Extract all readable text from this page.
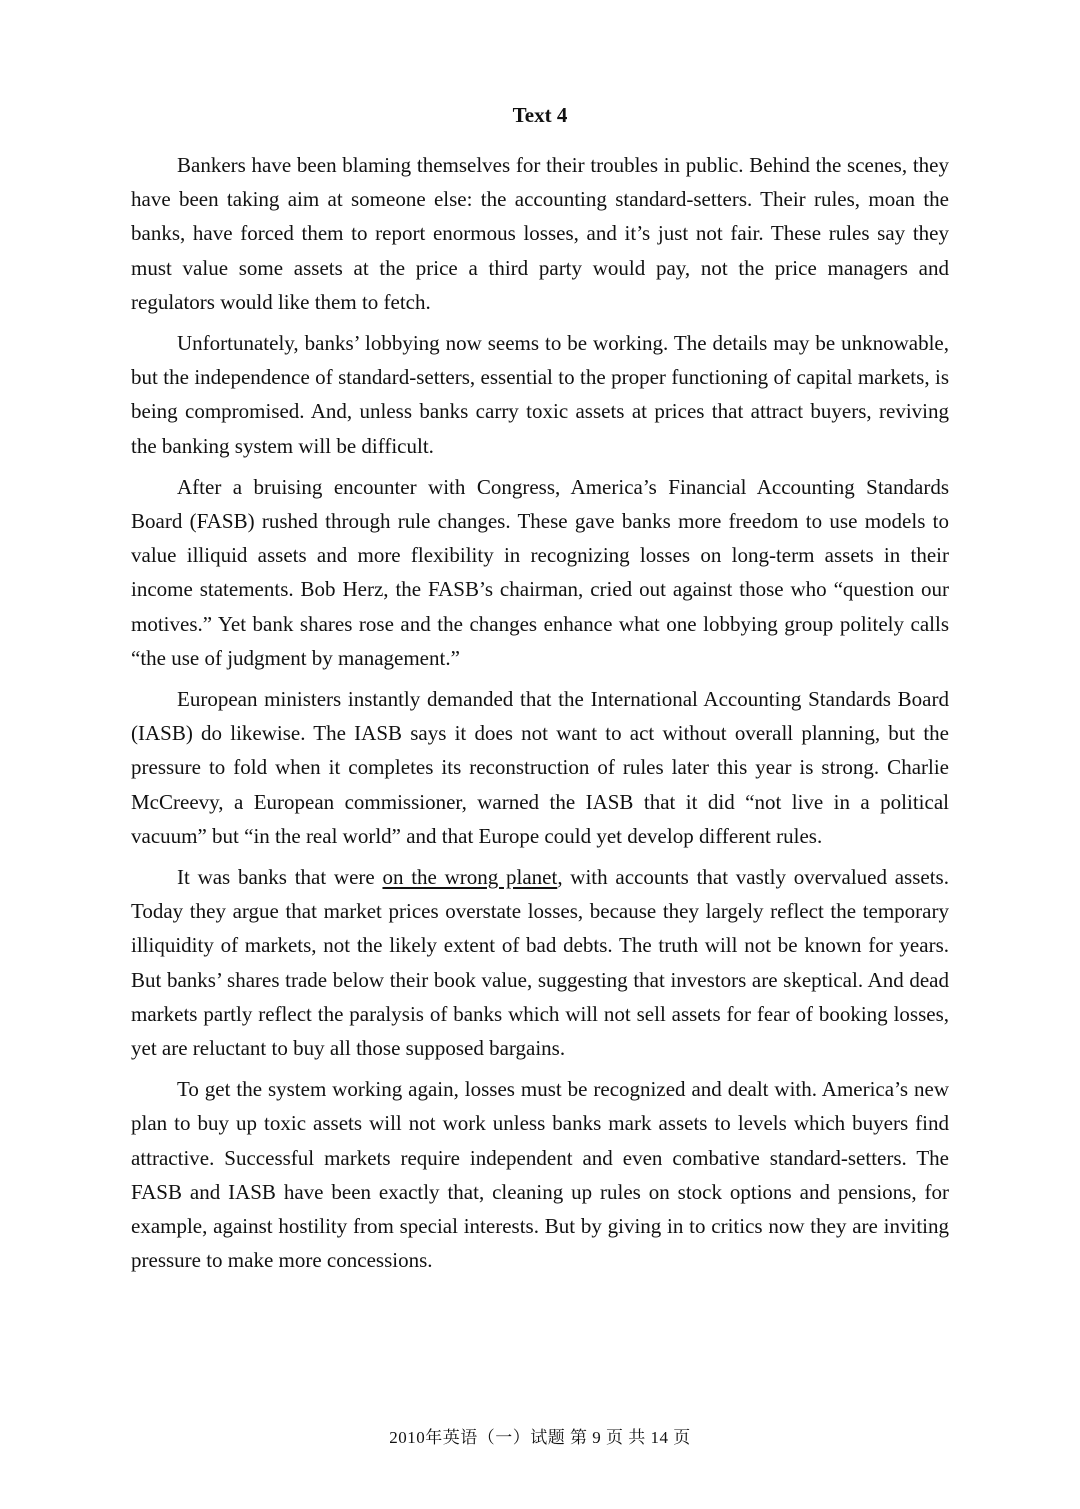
Text 4

Bankers have been blaming themselves for their troubles in public. Behind the scenes, they have been taking aim at someone else: the accounting standard-setters. Their rules, moan the banks, have forced them to report enormous losses, and it’s just not fair. These rules say they must value some assets at the price a third party would pay, not the price managers and regulators would like them to fetch.

Unfortunately, banks’ lobbying now seems to be working. The details may be unknowable, but the independence of standard-setters, essential to the proper functioning of capital markets, is being compromised. And, unless banks carry toxic assets at prices that attract buyers, reviving the banking system will be difficult.

After a bruising encounter with Congress, America’s Financial Accounting Standards Board (FASB) rushed through rule changes. These gave banks more freedom to use models to value illiquid assets and more flexibility in recognizing losses on long-term assets in their income statements. Bob Herz, the FASB’s chairman, cried out against those who “question our motives.” Yet bank shares rose and the changes enhance what one lobbying group politely calls “the use of judgment by management.”

European ministers instantly demanded that the International Accounting Standards Board (IASB) do likewise. The IASB says it does not want to act without overall planning, but the pressure to fold when it completes its reconstruction of rules later this year is strong. Charlie McCreevy, a European commissioner, warned the IASB that it did “not live in a political vacuum” but “in the real world” and that Europe could yet develop different rules.

It was banks that were on the wrong planet, with accounts that vastly overvalued assets. Today they argue that market prices overstate losses, because they largely reflect the temporary illiquidity of markets, not the likely extent of bad debts. The truth will not be known for years. But banks’ shares trade below their book value, suggesting that investors are skeptical. And dead markets partly reflect the paralysis of banks which will not sell assets for fear of booking losses, yet are reluctant to buy all those supposed bargains.

To get the system working again, losses must be recognized and dealt with. America’s new plan to buy up toxic assets will not work unless banks mark assets to levels which buyers find attractive. Successful markets require independent and even combative standard-setters. The FASB and IASB have been exactly that, cleaning up rules on stock options and pensions, for example, against hostility from special interests. But by giving in to critics now they are inviting pressure to make more concessions.

2010年英语（一）试题 第 9 页 共 14 页
